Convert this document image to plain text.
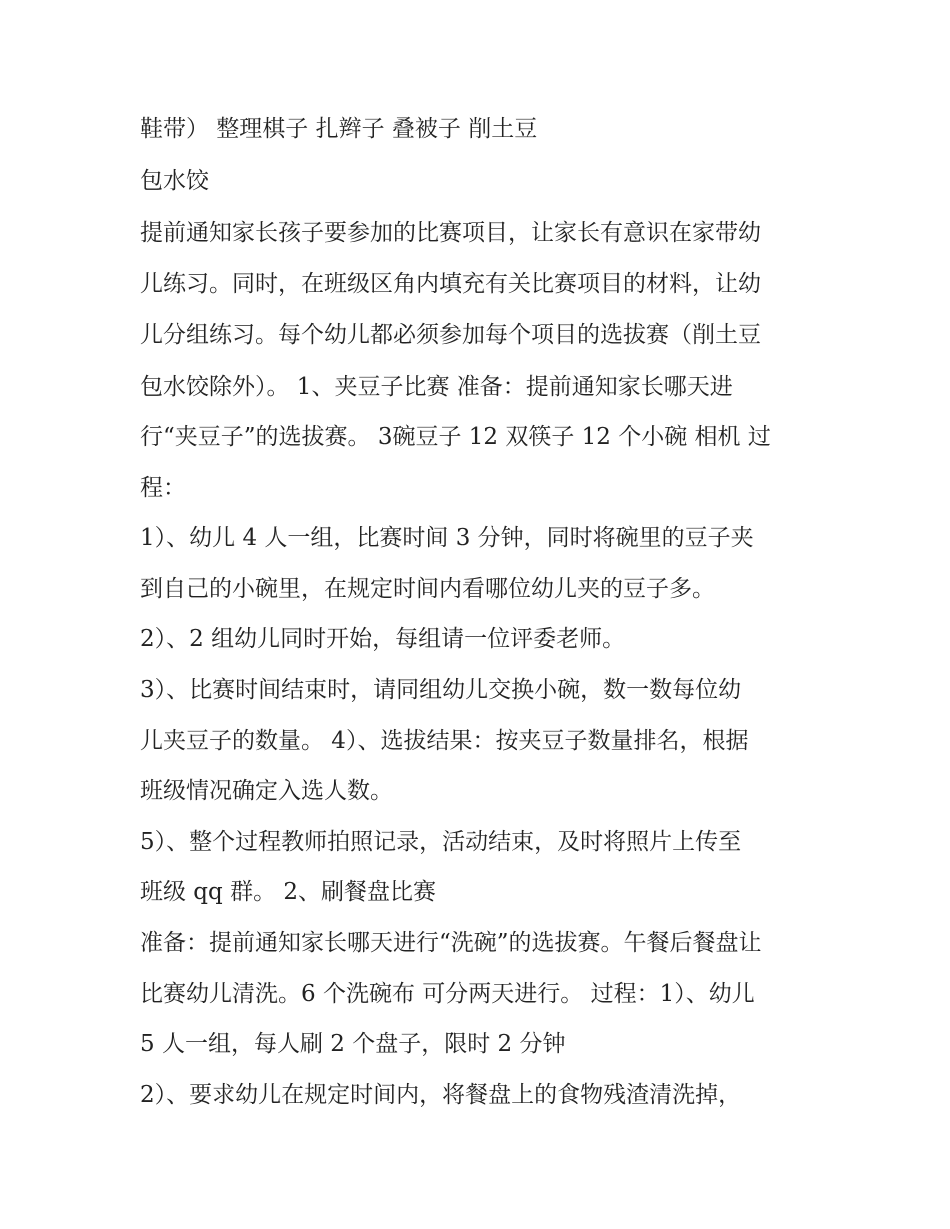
鞋带） 整理棋子 扎辫子 叠被子 削土豆
包水饺
提前通知家长孩子要参加的比赛项目，让家长有意识在家带幼
儿练习。同时，在班级区角内填充有关比赛项目的材料，让幼
儿分组练习。每个幼儿都必须参加每个项目的选拔赛（削土豆
包水饺除外）。 1、夹豆子比赛 准备：提前通知家长哪天进
行“夹豆子”的选拔赛。 3碗豆子 12 双筷子 12 个小碗 相机 过
程：
1）、幼儿 4 人一组，比赛时间 3 分钟，同时将碗里的豆子夹
到自己的小碗里，在规定时间内看哪位幼儿夹的豆子多。
2）、2 组幼儿同时开始，每组请一位评委老师。
3）、比赛时间结束时，请同组幼儿交换小碗，数一数每位幼
儿夹豆子的数量。 4）、选拔结果：按夹豆子数量排名，根据
班级情况确定入选人数。
5）、整个过程教师拍照记录，活动结束，及时将照片上传至
班级 qq 群。 2、刷餐盘比赛
准备：提前通知家长哪天进行“洗碗”的选拔赛。午餐后餐盘让
比赛幼儿清洗。6 个洗碗布 可分两天进行。 过程：1）、幼儿
5 人一组，每人刷 2 个盘子，限时 2 分钟
2）、要求幼儿在规定时间内，将餐盘上的食物残渣清洗掉，
